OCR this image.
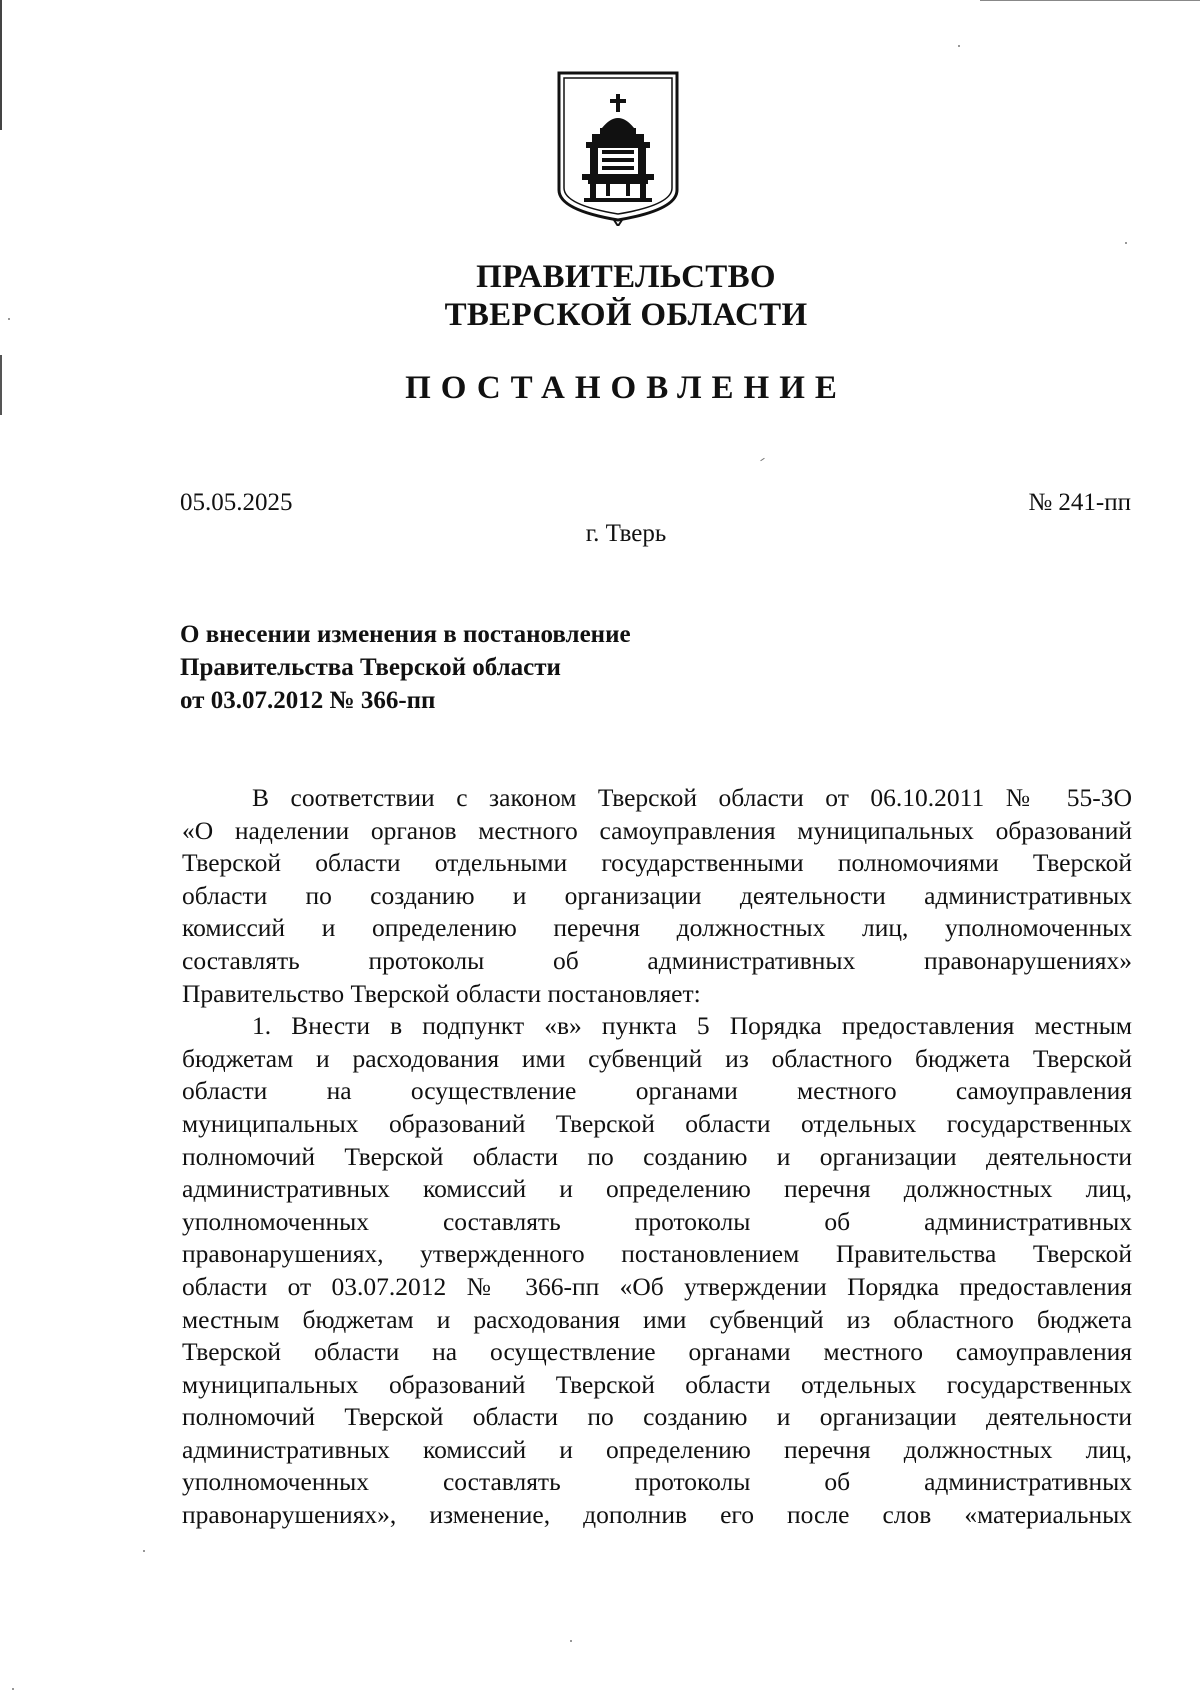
ПРАВИТЕЛЬСТВО
ТВЕРСКОЙ ОБЛАСТИ
ПОСТАНОВЛЕНИЕ
05.05.2025	№ 241-пп
г. Тверь
О внесении изменения в постановление
Правительства Тверской области
от 03.07.2012 № 366-пп
В соответствии с законом Тверской области от 06.10.2011 № 55-ЗО
«О наделении органов местного самоуправления муниципальных образований
Тверской области отдельными государственными полномочиями Тверской
области по созданию и организации деятельности административных
комиссий и определению перечня должностных лиц, уполномоченных
составлять протоколы об административных правонарушениях»
Правительство Тверской области постановляет:
1. Внести в подпункт «в» пункта 5 Порядка предоставления местным
бюджетам и расходования ими субвенций из областного бюджета Тверской
области на осуществление органами местного самоуправления
муниципальных образований Тверской области отдельных государственных
полномочий Тверской области по созданию и организации деятельности
административных комиссий и определению перечня должностных лиц,
уполномоченных составлять протоколы об административных
правонарушениях, утвержденного постановлением Правительства Тверской
области от 03.07.2012 № 366-пп «Об утверждении Порядка предоставления
местным бюджетам и расходования ими субвенций из областного бюджета
Тверской области на осуществление органами местного самоуправления
муниципальных образований Тверской области отдельных государственных
полномочий Тверской области по созданию и организации деятельности
административных комиссий и определению перечня должностных лиц,
уполномоченных составлять протоколы об административных
правонарушениях», изменение, дополнив его после слов «материальных
